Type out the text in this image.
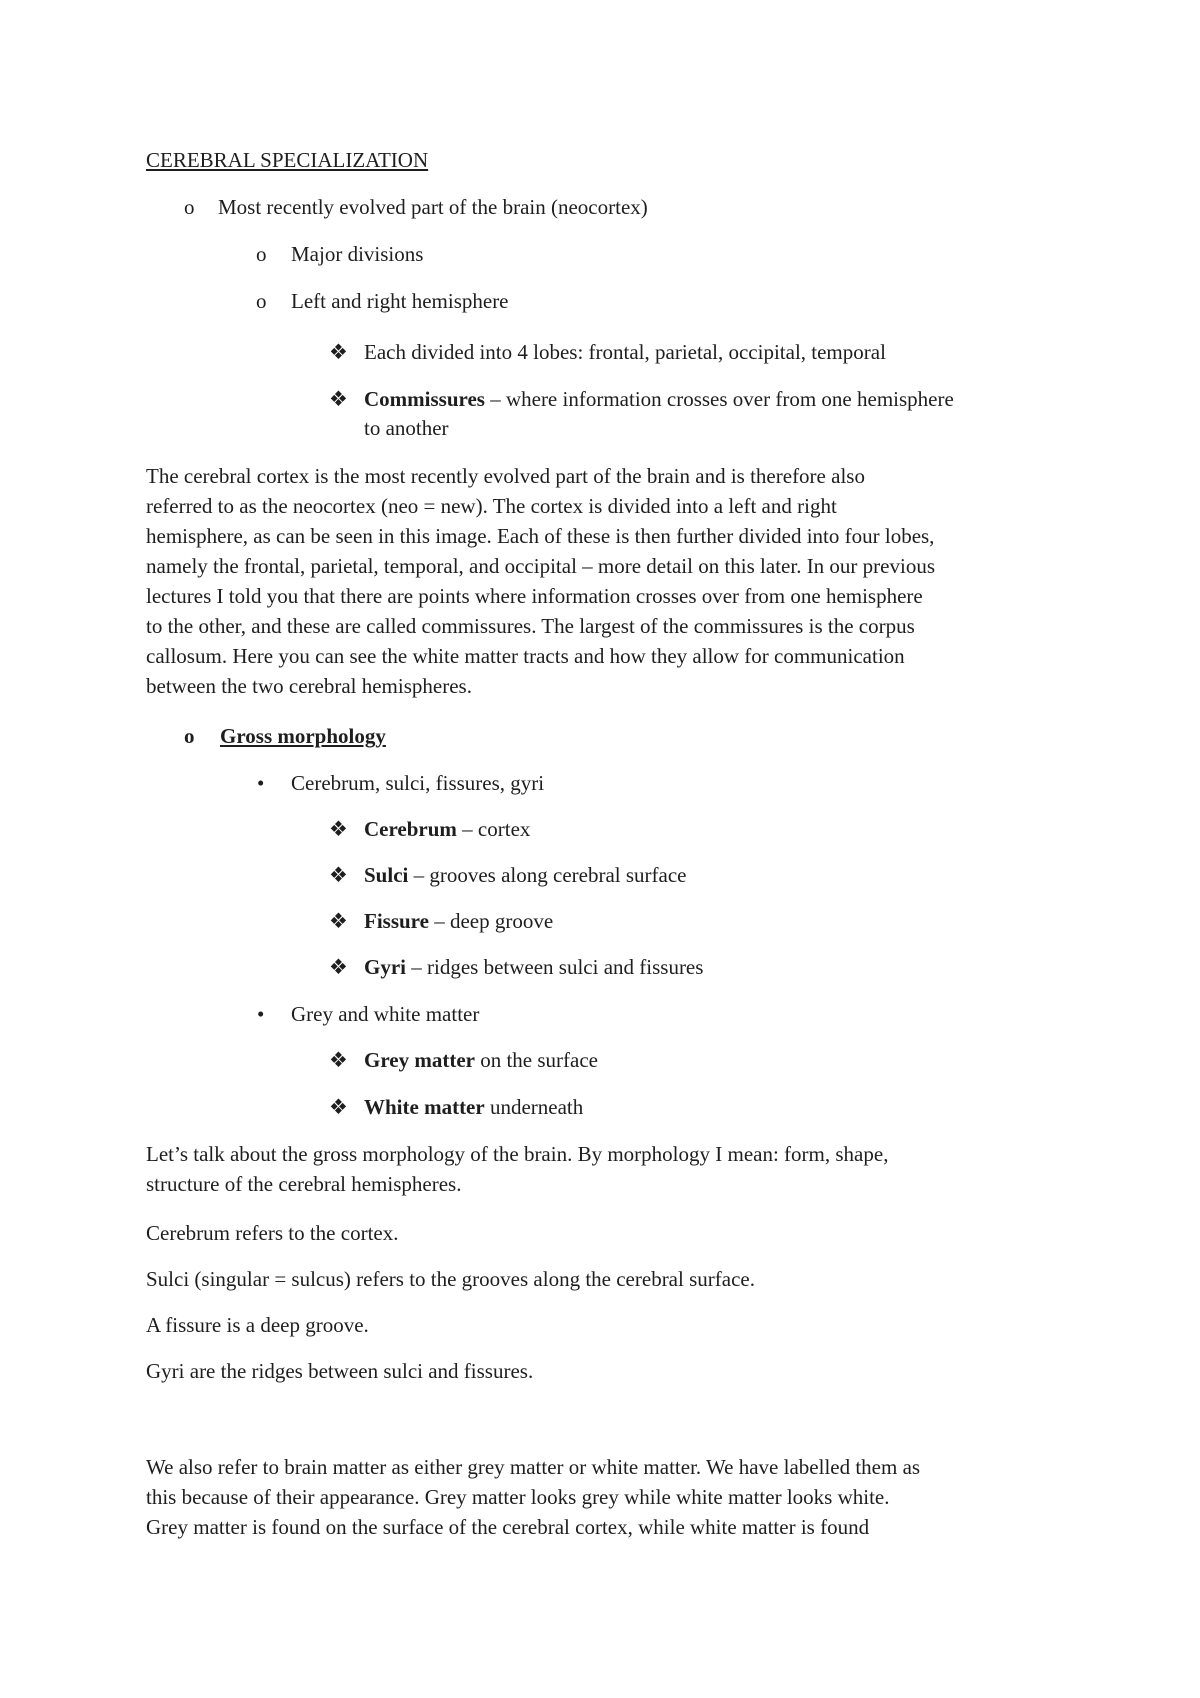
CEREBRAL SPECIALIZATION
o Most recently evolved part of the brain (neocortex)
o Major divisions
o Left and right hemisphere
❖ Each divided into 4 lobes: frontal, parietal, occipital, temporal
❖ Commissures – where information crosses over from one hemisphere
to another
The cerebral cortex is the most recently evolved part of the brain and is therefore also
referred to as the neocortex (neo = new). The cortex is divided into a left and right
hemisphere, as can be seen in this image. Each of these is then further divided into four lobes,
namely the frontal, parietal, temporal, and occipital – more detail on this later. In our previous
lectures I told you that there are points where information crosses over from one hemisphere
to the other, and these are called commissures. The largest of the commissures is the corpus
callosum. Here you can see the white matter tracts and how they allow for communication
between the two cerebral hemispheres.
o Gross morphology
• Cerebrum, sulci, fissures, gyri
❖ Cerebrum – cortex
❖ Sulci – grooves along cerebral surface
❖ Fissure – deep groove
❖ Gyri – ridges between sulci and fissures
• Grey and white matter
❖ Grey matter on the surface
❖ White matter underneath
Let’s talk about the gross morphology of the brain. By morphology I mean: form, shape,
structure of the cerebral hemispheres.
Cerebrum refers to the cortex.
Sulci (singular = sulcus) refers to the grooves along the cerebral surface.
A fissure is a deep groove.
Gyri are the ridges between sulci and fissures.
We also refer to brain matter as either grey matter or white matter. We have labelled them as
this because of their appearance. Grey matter looks grey while white matter looks white.
Grey matter is found on the surface of the cerebral cortex, while white matter is found
